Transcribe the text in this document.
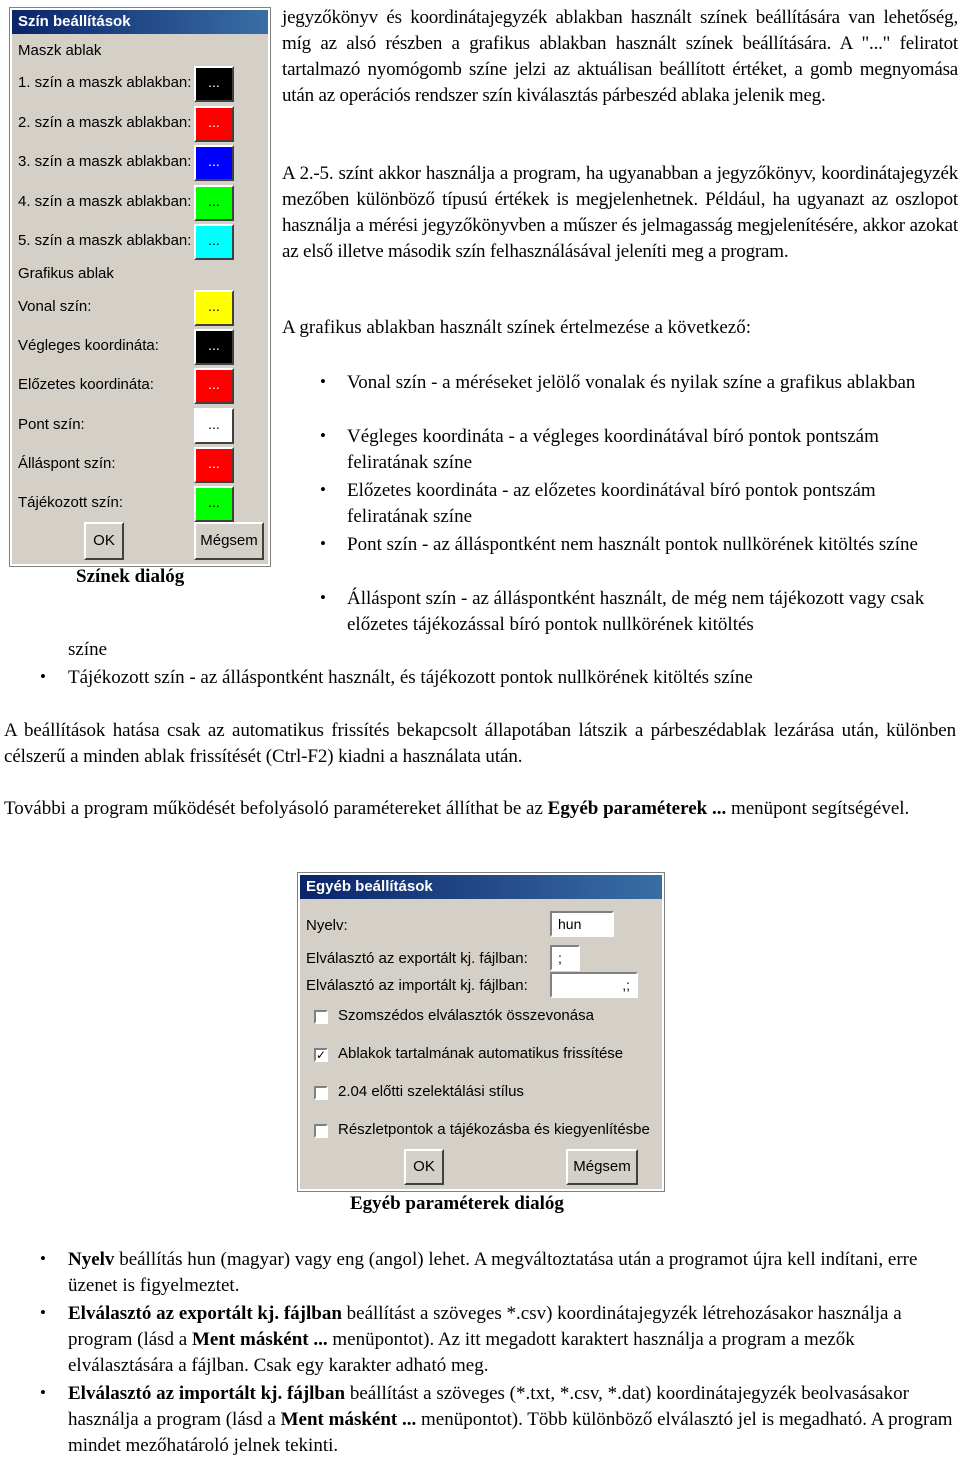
Szín beállítások
Maszk ablak
1. szín a maszk ablakban:	...
2. szín a maszk ablakban:	...
3. szín a maszk ablakban:	...
4. szín a maszk ablakban:	...
5. szín a maszk ablakban:	...
Grafikus ablak
Vonal szín:	...
Végleges koordináta:	...
Előzetes koordináta:	...
Pont szín:	...
Álláspont szín:	...
Tájékozott szín:	...
OK	Mégsem
Színek dialóg
jegyzőkönyv és koordinátajegyzék ablakban használt színek beállítására van lehetőség, míg az alsó részben a grafikus ablakban használt színek beállítására. A "..." feliratot tartalmazó nyomógomb színe jelzi az aktuálisan beállított értéket, a gomb megnyomása után az operációs rendszer szín kiválasztás párbeszéd ablaka jelenik meg.
A 2.-5. színt akkor használja a program, ha ugyanabban a jegyzőkönyv, koordinátajegyzék mezőben különböző típusú értékek is megjelenhetnek. Például, ha ugyanazt az oszlopot használja a mérési jegyzőkönyvben a műszer és jelmagasság megjelenítésére, akkor azokat az első illetve második szín felhasználásával jeleníti meg a program.
A grafikus ablakban használt színek értelmezése a következő:
• Vonal szín - a méréseket jelölő vonalak és nyilak színe a grafikus ablakban
• Végleges koordináta - a végleges koordinátával bíró pontok pontszám feliratának színe
• Előzetes koordináta - az előzetes koordinátával bíró pontok pontszám feliratának színe
• Pont szín - az álláspontként nem használt pontok nullkörének kitöltés színe
• Álláspont szín - az álláspontként használt, de még nem tájékozott vagy csak előzetes tájékozással bíró pontok nullkörének kitöltés
színe
• Tájékozott szín - az álláspontként használt, és tájékozott pontok nullkörének kitöltés színe
A beállítások hatása csak az automatikus frissítés bekapcsolt állapotában látszik a párbeszédablak lezárása után, különben célszerű a minden ablak frissítését (Ctrl-F2) kiadni a használata után.
További a program működését befolyásoló paramétereket állíthat be az Egyéb paraméterek ... menüpont segítségével.
Egyéb beállítások
Nyelv:	hun
Elválasztó az exportált kj. fájlban:	;
Elválasztó az importált kj. fájlban:	,;
Szomszédos elválasztók összevonása
✓ Ablakok tartalmának automatikus frissítése
2.04 előtti szelektálási stílus
Részletpontok a tájékozásba és kiegyenlítésbe
OK	Mégsem
Egyéb paraméterek dialóg
• Nyelv beállítás hun (magyar) vagy eng (angol) lehet. A megváltoztatása után a programot újra kell indítani, erre üzenet is figyelmeztet.
• Elválasztó az exportált kj. fájlban beállítást a szöveges *.csv) koordinátajegyzék létrehozásakor használja a program (lásd a Ment másként ... menüpontot). Az itt megadott karaktert használja a program a mezők elválasztására a fájlban. Csak egy karakter adható meg.
• Elválasztó az importált kj. fájlban beállítást a szöveges (*.txt, *.csv, *.dat) koordinátajegyzék beolvasásakor használja a program (lásd a Ment másként ... menüpontot). Több különböző elválasztó jel is megadható. A program mindet mezőhatároló jelnek tekinti.
